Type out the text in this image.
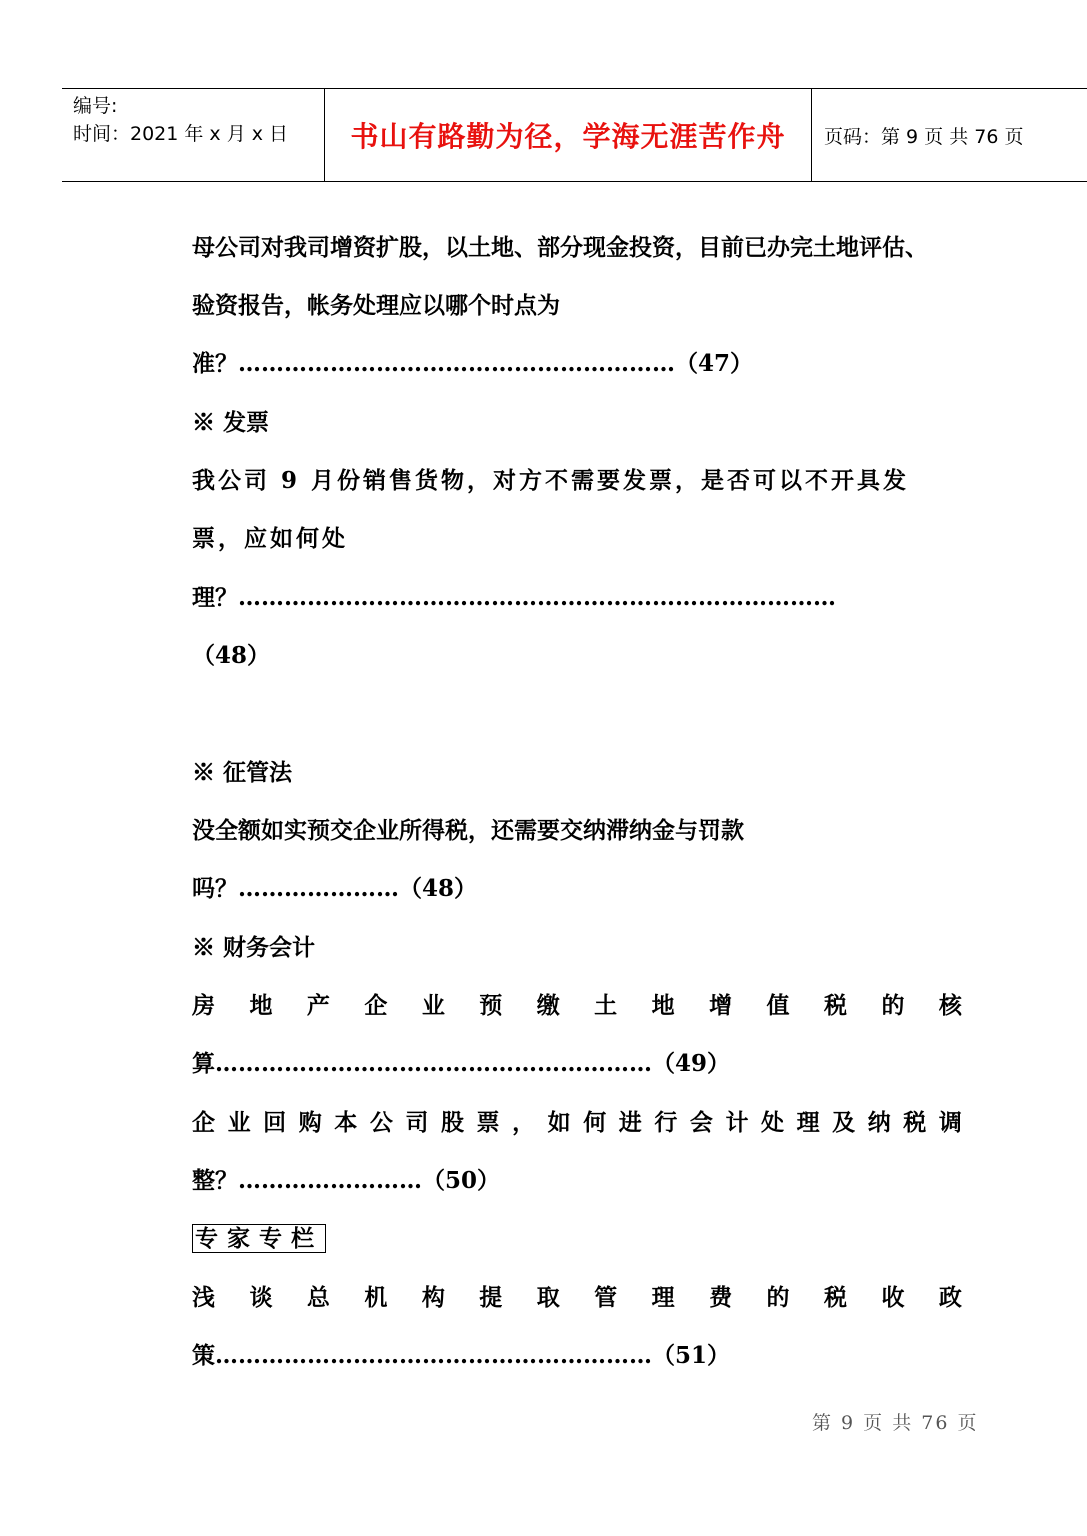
编号:
时间：2021 年 x 月 x 日 书山有路勤为径，学海无涯苦作舟	页码：第 9 页 共 76 页
母公司对我司增资扩股，以土地、部分现金投资，目前已办完土地评估、
验资报告，帐务处理应以哪个时点为
准？…………………………………………………（47）
※ 发票
我公司 9 月份销售货物，对方不需要发票，是否可以不开具发
票，应如何处
理？……………………………………………………………………
（48）
※ 征管法
没全额如实预交企业所得税，还需要交纳滞纳金与罚款
吗？…………………（48）
※ 财务会计
房 地 产 企 业 预 缴 土 地 增 值 税 的 核
算…………………………………………………（49）
企 业 回 购 本 公 司 股 票 ， 如 何 进 行 会 计 处 理 及 纳 税 调
整？……………………（50）
专家专栏
浅 谈 总 机 构 提 取 管 理 费 的 税 收 政
策…………………………………………………（51）
第 9 页 共 76 页
